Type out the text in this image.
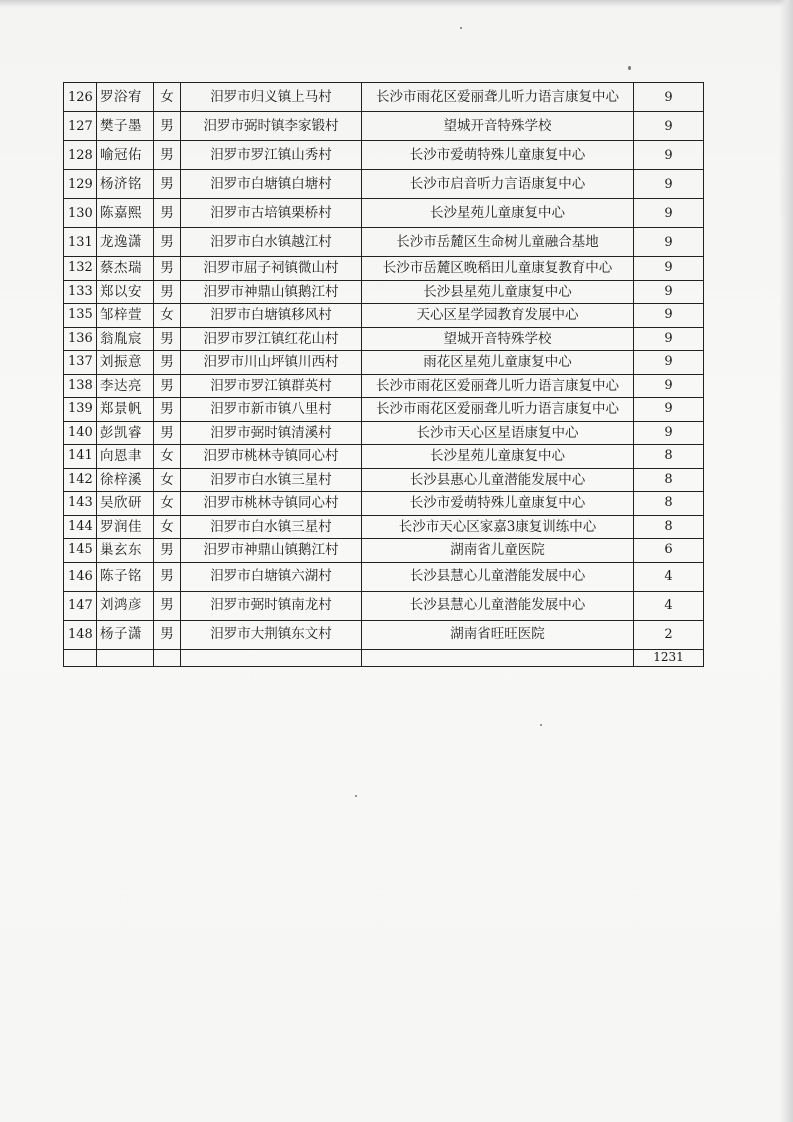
126	罗浴宥	女	汨罗市归义镇上马村	长沙市雨花区爱丽聋儿听力语言康复中心	9
127	樊子墨	男	汨罗市弼时镇李家锻村	望城开音特殊学校	9
128	喻冠佑	男	汨罗市罗江镇山秀村	长沙市爱萌特殊儿童康复中心	9
129	杨济铭	男	汨罗市白塘镇白塘村	长沙市启音听力言语康复中心	9
130	陈嘉熙	男	汨罗市古培镇栗桥村	长沙星苑儿童康复中心	9
131	龙逸潇	男	汨罗市白水镇越江村	长沙市岳麓区生命树儿童融合基地	9
132	蔡杰瑞	男	汨罗市屈子祠镇微山村	长沙市岳麓区晚稻田儿童康复教育中心	9
133	郑以安	男	汨罗市神鼎山镇鹅江村	长沙县星苑儿童康复中心	9
135	邹梓萱	女	汨罗市白塘镇移风村	天心区星学园教育发展中心	9
136	翁胤宸	男	汨罗市罗江镇红花山村	望城开音特殊学校	9
137	刘振意	男	汨罗市川山坪镇川西村	雨花区星苑儿童康复中心	9
138	李达亮	男	汨罗市罗江镇群英村	长沙市雨花区爱丽聋儿听力语言康复中心	9
139	郑景帆	男	汨罗市新市镇八里村	长沙市雨花区爱丽聋儿听力语言康复中心	9
140	彭凯睿	男	汨罗市弼时镇清溪村	长沙市天心区星语康复中心	9
141	向恩聿	女	汨罗市桃林寺镇同心村	长沙星苑儿童康复中心	8
142	徐梓溪	女	汨罗市白水镇三星村	长沙县惠心儿童潜能发展中心	8
143	吴欣研	女	汨罗市桃林寺镇同心村	长沙市爱萌特殊儿童康复中心	8
144	罗润佳	女	汨罗市白水镇三星村	长沙市天心区家嘉3康复训练中心	8
145	巢玄东	男	汨罗市神鼎山镇鹅江村	湖南省儿童医院	6
146	陈子铭	男	汨罗市白塘镇六湖村	长沙县慧心儿童潜能发展中心	4
147	刘鸿彦	男	汨罗市弼时镇南龙村	长沙县慧心儿童潜能发展中心	4
148	杨子潇	男	汨罗市大荆镇东文村	湖南省旺旺医院	2
					1231
